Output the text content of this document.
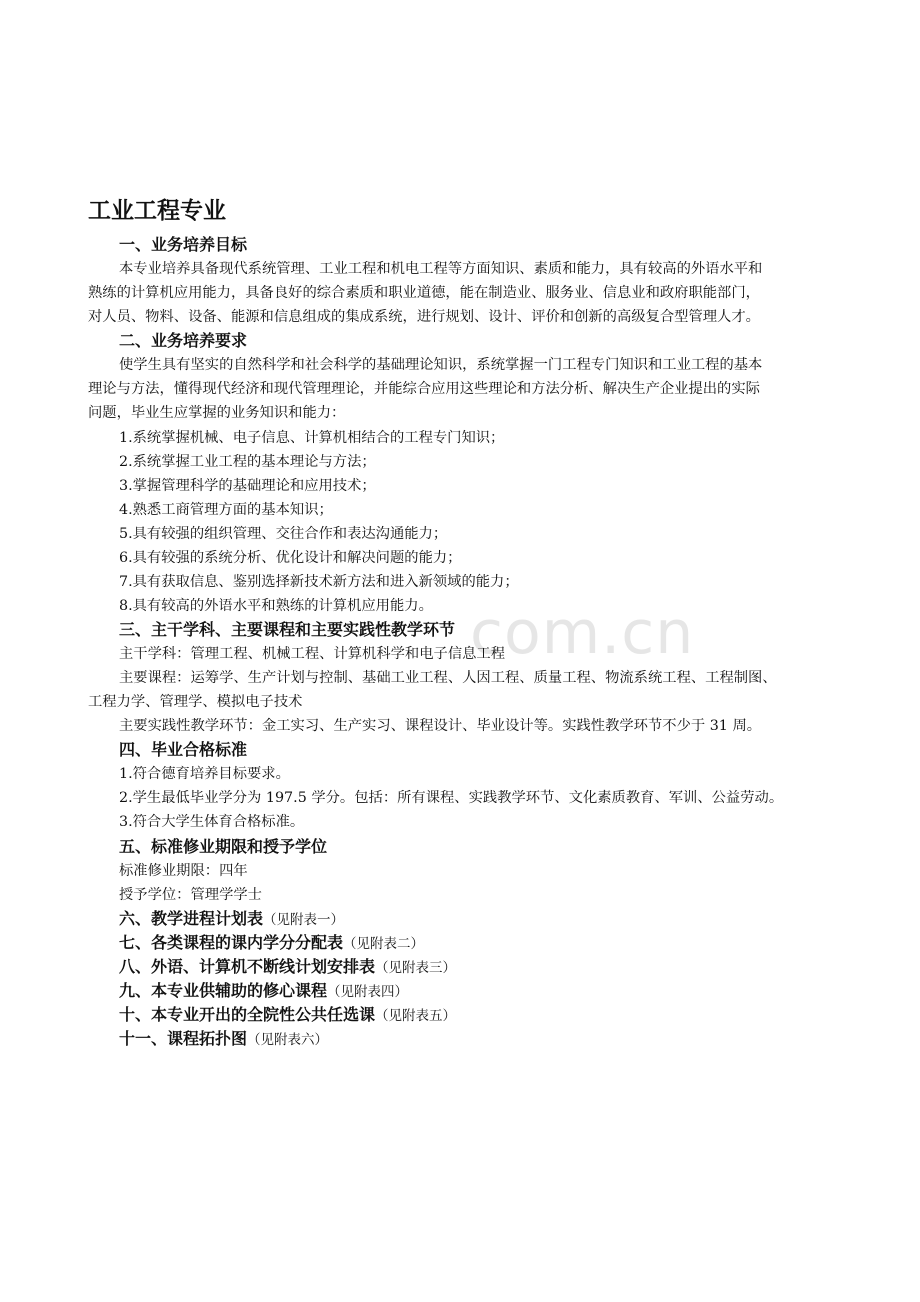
com.cn
工业工程专业
一、业务培养目标
本专业培养具备现代系统管理、工业工程和机电工程等方面知识、素质和能力，具有较高的外语水平和
熟练的计算机应用能力，具备良好的综合素质和职业道德，能在制造业、服务业、信息业和政府职能部门，
对人员、物料、设备、能源和信息组成的集成系统，进行规划、设计、评价和创新的高级复合型管理人才。
二、业务培养要求
使学生具有坚实的自然科学和社会科学的基础理论知识，系统掌握一门工程专门知识和工业工程的基本
理论与方法，懂得现代经济和现代管理理论，并能综合应用这些理论和方法分析、解决生产企业提出的实际
问题，毕业生应掌握的业务知识和能力：
1.系统掌握机械、电子信息、计算机相结合的工程专门知识；
2.系统掌握工业工程的基本理论与方法；
3.掌握管理科学的基础理论和应用技术；
4.熟悉工商管理方面的基本知识；
5.具有较强的组织管理、交往合作和表达沟通能力；
6.具有较强的系统分析、优化设计和解决问题的能力；
7.具有获取信息、鉴别选择新技术新方法和进入新领域的能力；
8.具有较高的外语水平和熟练的计算机应用能力。
三、主干学科、主要课程和主要实践性教学环节
主干学科：管理工程、机械工程、计算机科学和电子信息工程
主要课程：运筹学、生产计划与控制、基础工业工程、人因工程、质量工程、物流系统工程、工程制图、
工程力学、管理学、模拟电子技术
主要实践性教学环节：金工实习、生产实习、课程设计、毕业设计等。实践性教学环节不少于 31 周。
四、毕业合格标准
1.符合德育培养目标要求。
2.学生最低毕业学分为 197.5 学分。包括：所有课程、实践教学环节、文化素质教育、军训、公益劳动。
3.符合大学生体育合格标准。
五、标准修业期限和授予学位
标准修业期限：四年
授予学位：管理学学士
六、教学进程计划表（见附表一）
七、各类课程的课内学分分配表（见附表二）
八、外语、计算机不断线计划安排表（见附表三）
九、本专业供辅助的修心课程（见附表四）
十、本专业开出的全院性公共任选课（见附表五）
十一、课程拓扑图（见附表六）
